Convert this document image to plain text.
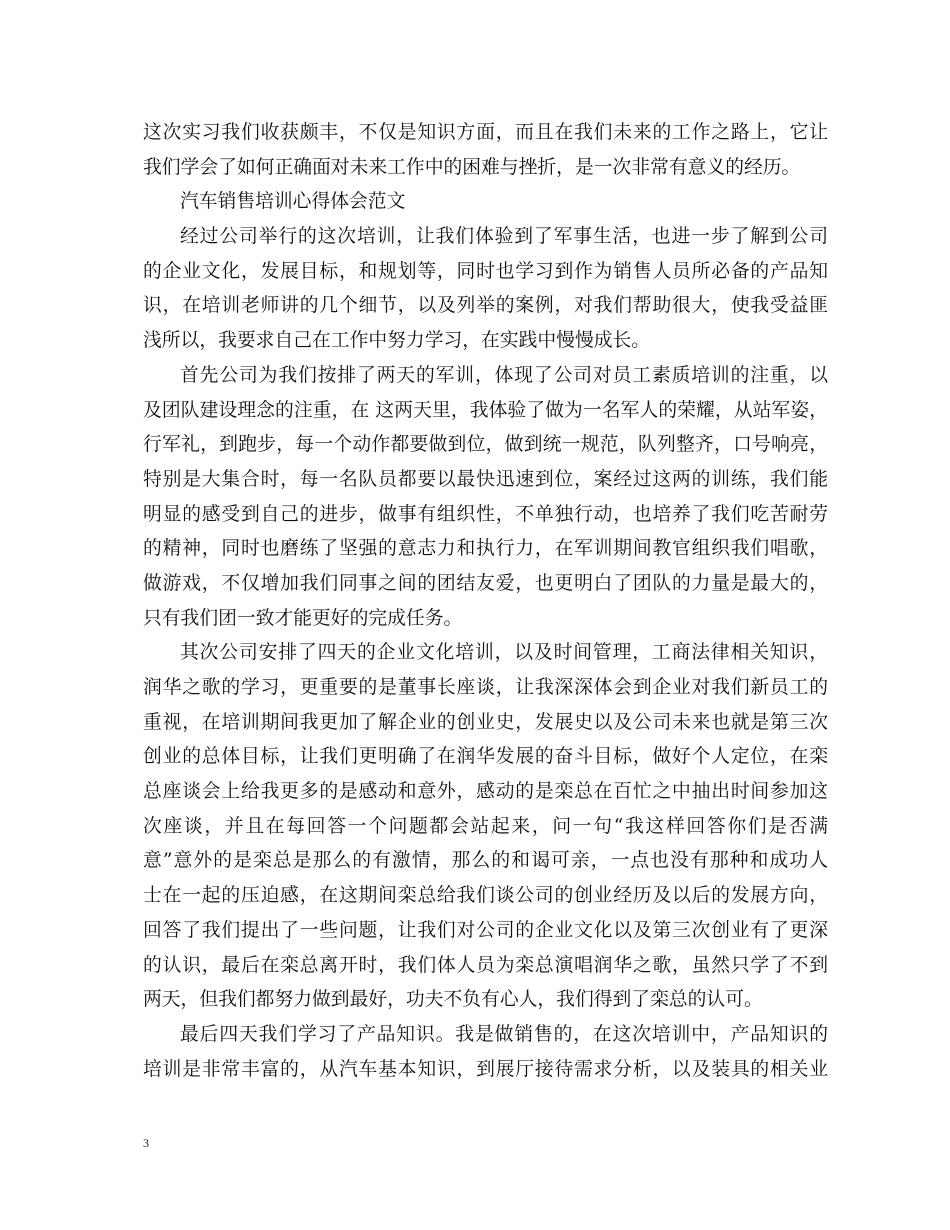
这次实习我们收获颇丰，不仅是知识方面，而且在我们未来的工作之路上，它让
我们学会了如何正确面对未来工作中的困难与挫折，是一次非常有意义的经历。
汽车销售培训心得体会范文
经过公司举行的这次培训，让我们体验到了军事生活，也进一步了解到公司
的企业文化，发展目标，和规划等，同时也学习到作为销售人员所必备的产品知
识，在培训老师讲的几个细节，以及列举的案例，对我们帮助很大，使我受益匪
浅所以，我要求自己在工作中努力学习，在实践中慢慢成长。
首先公司为我们按排了两天的军训，体现了公司对员工素质培训的注重，以
及团队建设理念的注重，在 这两天里，我体验了做为一名军人的荣耀，从站军姿，
行军礼，到跑步，每一个动作都要做到位，做到统一规范，队列整齐，口号响亮，
特别是大集合时，每一名队员都要以最快迅速到位，案经过这两的训练，我们能
明显的感受到自己的进步，做事有组织性，不单独行动，也培养了我们吃苦耐劳
的精神，同时也磨练了坚强的意志力和执行力，在军训期间教官组织我们唱歌，
做游戏，不仅增加我们同事之间的团结友爱，也更明白了团队的力量是最大的，
只有我们团一致才能更好的完成任务。
其次公司安排了四天的企业文化培训，以及时间管理，工商法律相关知识，
润华之歌的学习，更重要的是董事长座谈，让我深深体会到企业对我们新员工的
重视，在培训期间我更加了解企业的创业史，发展史以及公司未来也就是第三次
创业的总体目标，让我们更明确了在润华发展的奋斗目标，做好个人定位，在栾
总座谈会上给我更多的是感动和意外，感动的是栾总在百忙之中抽出时间参加这
次座谈，并且在每回答一个问题都会站起来，问一句“我这样回答你们是否满
意”意外的是栾总是那么的有激情，那么的和谒可亲，一点也没有那种和成功人
士在一起的压迫感，在这期间栾总给我们谈公司的创业经历及以后的发展方向，
回答了我们提出了一些问题，让我们对公司的企业文化以及第三次创业有了更深
的认识，最后在栾总离开时，我们体人员为栾总演唱润华之歌，虽然只学了不到
两天，但我们都努力做到最好，功夫不负有心人，我们得到了栾总的认可。
最后四天我们学习了产品知识。我是做销售的，在这次培训中，产品知识的
培训是非常丰富的，从汽车基本知识，到展厅接待需求分析，以及装具的相关业
3
